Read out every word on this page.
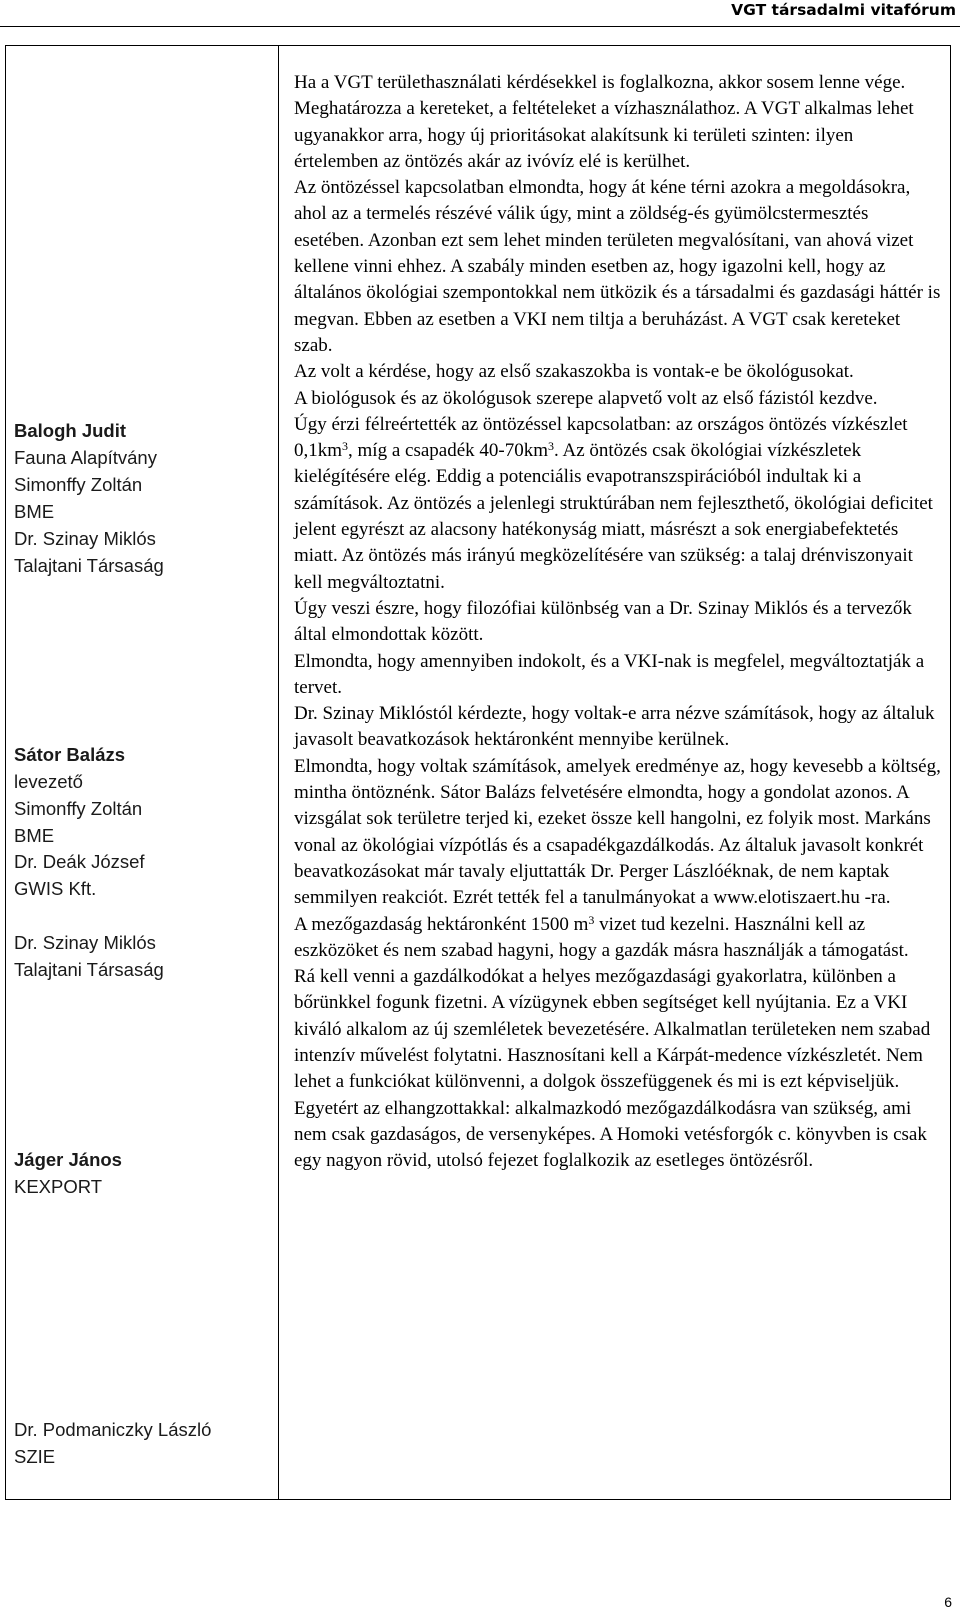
VGT társadalmi vitafórum
Balogh Judit
Fauna Alapítvány
Simonffy Zoltán
BME
Dr. Szinay Miklós
Talajtani Társaság
Sátor Balázs
levezető
Simonffy Zoltán
BME
Dr. Deák József
GWIS Kft.
Dr. Szinay Miklós
Talajtani Társaság
Jáger János
KEXPORT
Dr. Podmaniczky László
SZIE

Ha a VGT területhasználati kérdésekkel is foglalkozna, akkor sosem lenne vége. Meghatározza a kereteket, a feltételeket a vízhasználathoz. A VGT alkalmas lehet ugyanakkor arra, hogy új prioritásokat alakítsunk ki területi szinten: ilyen értelemben az öntözés akár az ivóvíz elé is kerülhet.

Az öntözéssel kapcsolatban elmondta, hogy át kéne térni azokra a megoldásokra, ahol az a termelés részévé válik úgy, mint a zöldség-és gyümölcstermesztés esetében. Azonban ezt sem lehet minden területen megvalósítani, van ahová vizet kellene vinni ehhez. A szabály minden esetben az, hogy igazolni kell, hogy az általános ökológiai szempontokkal nem ütközik és a társadalmi és gazdasági háttér is megvan. Ebben az esetben a VKI nem tiltja a beruházást. A VGT csak kereteket szab.

Az volt a kérdése, hogy az első szakaszokba is vontak-e be ökológusokat.

A biológusok és az ökológusok szerepe alapvető volt az első fázistól kezdve.

Úgy érzi félreértették az öntözéssel kapcsolatban: az országos öntözés vízkészlet $0,1km^3$, míg a csapadék $40-70km^3$. Az öntözés csak ökológiai vízkészletek kielégítésére elég. Eddig a potenciális evapotranszspirációból indultak ki a számítások. Az öntözés a jelenlegi struktúrában nem fejleszthető, ökológiai deficitet jelent egyrészt az alacsony hatékonyság miatt, másrészt a sok energiabefektetés miatt. Az öntözés más irányú megközelítésére van szükség: a talaj drénviszonyait kell megváltoztatni.

Úgy veszi észre, hogy filozófiai különbség van a Dr. Szinay Miklós és a tervezők által elmondottak között.

Elmondta, hogy amennyiben indokolt, és a VKI-nak is megfelel, megváltoztatják a tervet.

Dr. Szinay Miklóstól kérdezte, hogy voltak-e arra nézve számítások, hogy az általuk javasolt beavatkozások hektáronként mennyibe kerülnek.

Elmondta, hogy voltak számítások, amelyek eredménye az, hogy kevesebb a költség, mintha öntöznénk. Sátor Balázs felvetésére elmondta, hogy a gondolat azonos. A vizsgálat sok területre terjed ki, ezeket össze kell hangolni, ez folyik most. Markáns vonal az ökológiai vízpótlás és a csapadékgazdálkodás. Az általuk javasolt konkrét beavatkozásokat már tavaly eljuttatták Dr. Perger Lászlóéknak, de nem kaptak semmilyen reakciót. Ezrét tették fel a tanulmányokat a www.elotiszaert.hu -ra.

A mezőgazdaság hektáronként 1500 $m^3$ vizet tud kezelni. Használni kell az eszközöket és nem szabad hagyni, hogy a gazdák másra használják a támogatást.

Rá kell venni a gazdálkodókat a helyes mezőgazdasági gyakorlatra, különben a bőrünkkel fogunk fizetni. A vízügynek ebben segítséget kell nyújtania. Ez a VKI kiváló alkalom az új szemléletek bevezetésére. Alkalmatlan területeken nem szabad intenzív művelést folytatni. Hasznosítani kell a Kárpát-medence vízkészletét. Nem lehet a funkciókat különvenni, a dolgok összefüggenek és mi is ezt képviseljük.

Egyetért az elhangzottakkal: alkalmazkodó mezőgazdálkodásra van szükség, ami nem csak gazdaságos, de versenyképes. A Homoki vetésforgók c. könyvben is csak egy nagyon rövid, utolsó fejezet foglalkozik az esetleges öntözésről.

6
